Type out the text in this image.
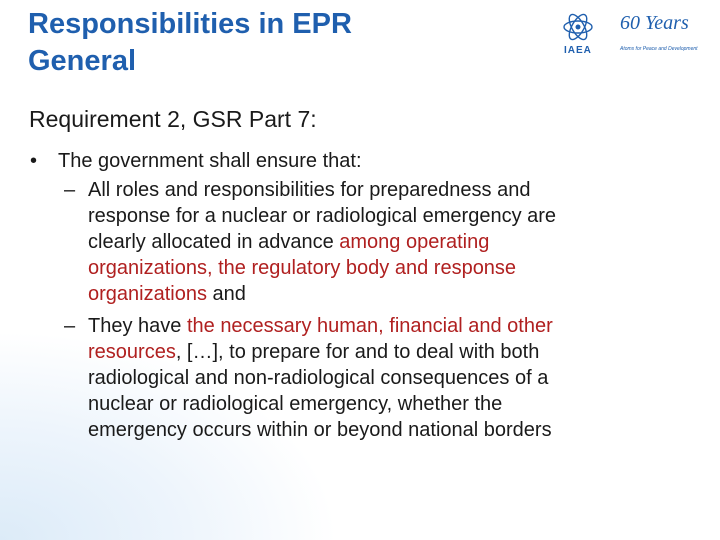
Responsibilities in EPR
General	IAEA
60 Years
Atoms for Peace and Development
Requirement 2, GSR Part 7:
• The government shall ensure that:
– All roles and responsibilities for preparedness and
response for a nuclear or radiological emergency are
clearly allocated in advance among operating
organizations, the regulatory body and response
organizations and
– They have the necessary human, financial and other
resources, […], to prepare for and to deal with both
radiological and non-radiological consequences of a
nuclear or radiological emergency, whether the
emergency occurs within or beyond national borders
